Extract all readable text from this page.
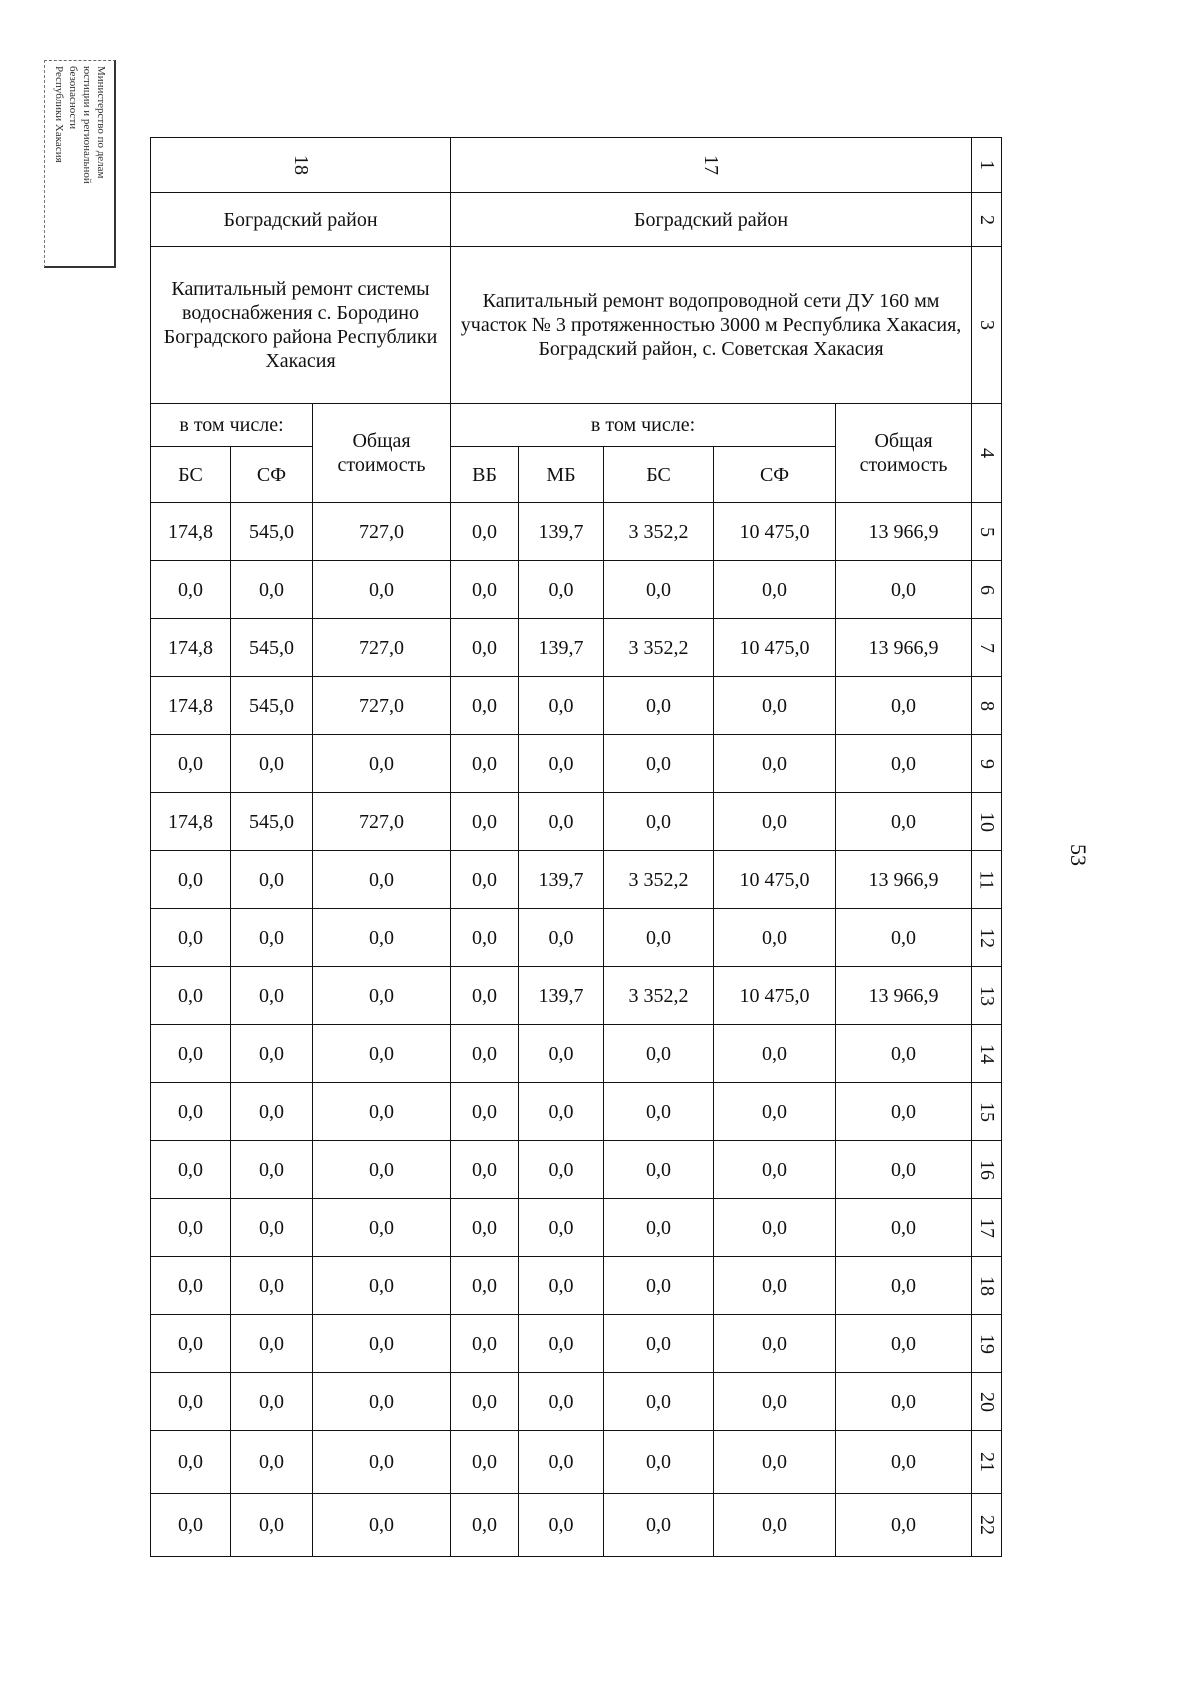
Министерство по делам
юстиции и региональной
безопасности
Республики Хакасия
53
18			17					1
Боградский район			Боградский район					2
Капитальный ремонт системы водоснабжения с. Бородино Боградского района Республики Хакасия			Капитальный ремонт водопроводной сети ДУ 160 мм участок № 3 протяженностью 3000 м Республика Хакасия, Боградский район, с. Советская Хакасия					3
в том числе:		Общая стоимость	в том числе:				Общая стоимость	4
БС	СФ		ВБ	МБ	БС	СФ		
174,8	545,0	727,0	0,0	139,7	3 352,2	10 475,0	13 966,9	5
0,0	0,0	0,0	0,0	0,0	0,0	0,0	0,0	6
174,8	545,0	727,0	0,0	139,7	3 352,2	10 475,0	13 966,9	7
174,8	545,0	727,0	0,0	0,0	0,0	0,0	0,0	8
0,0	0,0	0,0	0,0	0,0	0,0	0,0	0,0	9
174,8	545,0	727,0	0,0	0,0	0,0	0,0	0,0	10
0,0	0,0	0,0	0,0	139,7	3 352,2	10 475,0	13 966,9	11
0,0	0,0	0,0	0,0	0,0	0,0	0,0	0,0	12
0,0	0,0	0,0	0,0	139,7	3 352,2	10 475,0	13 966,9	13
0,0	0,0	0,0	0,0	0,0	0,0	0,0	0,0	14
0,0	0,0	0,0	0,0	0,0	0,0	0,0	0,0	15
0,0	0,0	0,0	0,0	0,0	0,0	0,0	0,0	16
0,0	0,0	0,0	0,0	0,0	0,0	0,0	0,0	17
0,0	0,0	0,0	0,0	0,0	0,0	0,0	0,0	18
0,0	0,0	0,0	0,0	0,0	0,0	0,0	0,0	19
0,0	0,0	0,0	0,0	0,0	0,0	0,0	0,0	20
0,0	0,0	0,0	0,0	0,0	0,0	0,0	0,0	21
0,0	0,0	0,0	0,0	0,0	0,0	0,0	0,0	22
